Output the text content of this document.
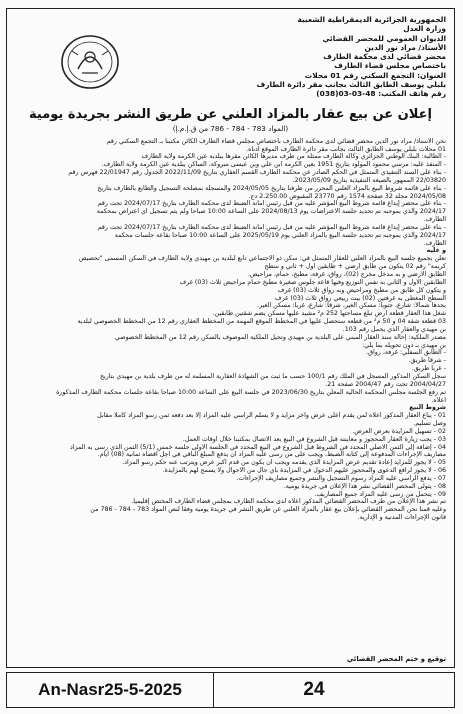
الجمهورية الجزائرية الديمقراطية الشعبية
وزارة العدل
الديوان العمومي للمحضر القضائي
الأستاذ/ مراد نور الدين
محضر قضائي لدى محكمة الطارف
باختصاص مجلس قضاء الطارف
العنوان: التجمع السكني رقم 01 محلات
بلبلي يوسف الطابق الثالث بجانب مقر دائرة الطارف
رقم هاتف المكتب: 48-03-03(038)
إعلان عن بيع عقار بالمزاد العلني عن طريق النشر بجريدة يومية
(المواد 783 - 784 - 786 من ق.إ.م.إ)
نحن الأستاذ/ مراد نور الدين محضر قضائي لدى محكمة الطارف باختصاص مجلس قضاء الطارف الكائن مكتبنا بـ التجمع السكني رقم
01 محلات بلبلي يوسف الطابق الثالث بجانب مقر دائرة الطارف الموقع أدناه.
- الطالبة: البنك الوطني الجزائري وكالة الطارف ممثلة من طرف مديرها الكائن مقرها ببلدية عين الكرمة ولاية الطارف
- المنفذ عليه: مرسي محمود المولود بتاريخ 1951 بعين الكرمة ابن علي وبن عيسى مبروكة، الساكن ببلدية عين الكرمة ولاية الطارف.
- بناء على السند التنفيذي المتمثل في الحكم الصادر عن محكمة الطارف القسم العقاري بتاريخ 2022/11/09 الجدول رقم 22/01947 فهرس رقم
22/03820 الممهور بالصيغة التنفيذية بتاريخ 2023/05/09.
- بناء على قائمة شروط البيع بالمزاد العلني المحرر من طرفنا بتاريخ 2024/05/05 والمسجلة بمصلحة التسجيل والطابع بالطارف بتاريخ
2024/05/08 مجلد 32 صفحة 1574 رقم 23770 المقبوض 2.250.00 دج.
- بناء على محضر إيداع قائمة شروط البيع المؤشر عليه من قبل رئيس أمانة الضبط لدى محكمة الطارف بتاريخ 2024/07/17 تحت رقم
2024/17 والذي بموجبه تم تحديد جلسة الاعتراضات يوم 2024/08/13 على الساعة 10:00 صباحا ولم يتم تسجيل أي اعتراض بمحكمة
الطارف.
- بناء على محضر إيداع قائمة شروط البيع المؤشر عليه من قبل رئيس أمانة الضبط لدى محكمة الطارف بتاريخ 2024/07/17 تحت رقم
2024/17 والذي بموجبه تم تحديد جلسة البيع بالمزاد العلني يوم 2025/05/19 على الساعة 10:00 صباحا بقاعة جلسات محكمة
الطارف.
و عليه
نعلن بجميع جلسة البيع بالمزاد العلني للعقار المتمثل في: سكن ذو الاجتماعي تابع لبلدية بن مهيدي ولاية الطارف في السكن المسمى "تحصيص
كريمة" رقم 02 يتكون من طابق أرضي + طابقين أول + ثاني و سطح
الطابق الأرضي و به مدخل مخرج (02)، رواق، غرفة، مطبخ، حمام، مراحيض.
الطابقين الأول و الثاني به نفس التوزيع وفيها قاعة جلوس صغيرة مطبخ حمام مراحيض ثلاث (03) غرف
و يتكون كل طابق من مطبخ ومراحيض وبه رواق ثلاث (03) غرف
السطح المغطى به غرفتين (02) بيت ربيعي رواق ثلاث (03) غرف
يحدها شمالا: شارع، جنوبا: مسكن الغير، شرقا: شارع، غربا: مسكن الغير.
شغل هذا العقار قطعة أرض تبلغ مساحتها 252 م² مشيد عليها مسكن يضم شقتين طابقين.
03 قطعة شقة 04 و 50 م² من قطعة ستحصل عليها في المخطط الموقع المهمة من المخطط العقاري رقم 12 من المخطط الخصوصي لبلدية
بن مهيدي والعقار الذي يحمل رقم 103.
مصدر الملكية: إحالة سند العقار المبني على البلدية بن مهيدي وتحيل الملكية الموصوف بالسكن رقم 12 من المخطط الخصوصي
بن مهيدي بـ دون تحويله بما يلي:
- الطابق السفلي: غرفة، رواق.
- شرقا طريق.
- غربا طريق.
سجل السكن المذكور المسجل في الملك رقم 100/1 حسب ما ثبت من الشهادة العقارية المسلمة له من طرف بلدية بن مهيدي بتاريخ
2004/04/27 تحت رقم 2004/47 صفحة 21.
تم رفع الجلسة مجلس المحكمة الحالية المعلن بتاريخ 2023/06/30 في جلسة البيع على الساعة 10:00 صباحا بقاعة جلسات محكمة الطارف المذكورة
أعلاه.
شروط البيع
01 - يباع العقار المذكور أعلاه لمن يقدم أعلى عرض وأخر مزايد و لا يسلم الراسي عليه المزاد إلا بعد دفعه ثمن رسو المزاد كاملا مقابل
وصل تسليم.
02 - تسهيل المزايدة بعرض العرض.
03 - يجب زيارة العقار المحجوز و معاينته قبل الشروع في البيع بعد الاتصال بمكتبنا خلال أوقات العمل.
04 - إضافة إلى الثمن الأصلي المحدد في الشروط قبل الشروع في البيع المحدد في الجلسة الأولى جلسة خمس (5/1) الثمن الذي رسى به المزاد
مصاريف الإجراءات المدفوعة إلى كتابة الضبط، ويجب على من رسى عليه المزاد أن يدفع المبلغ الباقي في أجل أقصاه ثمانية (08) أيام.
05 - لا يجوز للمزايد إعادة تقديم عرض المزايدة الذي يقدمه ويجب أن يكون من قدم أكبر عرض ويترتب عنه حكم رسو المزاد.
06 - لا يجوز لرافع الدعوى والمحجوز عليهم الدخول في المزايدة بأي حال من الأحوال ولا يسمح لهم بالمزايدة.
07 - يدفع الراسي عليه المزاد رسوم التسجيل والنشر وجميع مصاريف الإجراءات.
08 - يتولى المحضر القضائي نشر هذا الإعلان في جريدة يومية.
09 - يتحمل من رسى عليه المزاد جميع المصاريف.
تم نشر هذا الإعلان من طرف المحضر القضائي المذكور أعلاه لدى محكمة الطارف بمجلس قضاء الطارف المختص إقليميا.
وعليه قمنا نحن المحضر القضائي بإعلان بيع عقار بالمزاد العلني عن طريق النشر في جريدة يومية وفقا لنص المواد 783 - 784 - 786 من
قانون الإجراءات المدنية و الإدارية.
توقيع و ختم المحضر القضائي
An-Nasr25-5-2025	24
